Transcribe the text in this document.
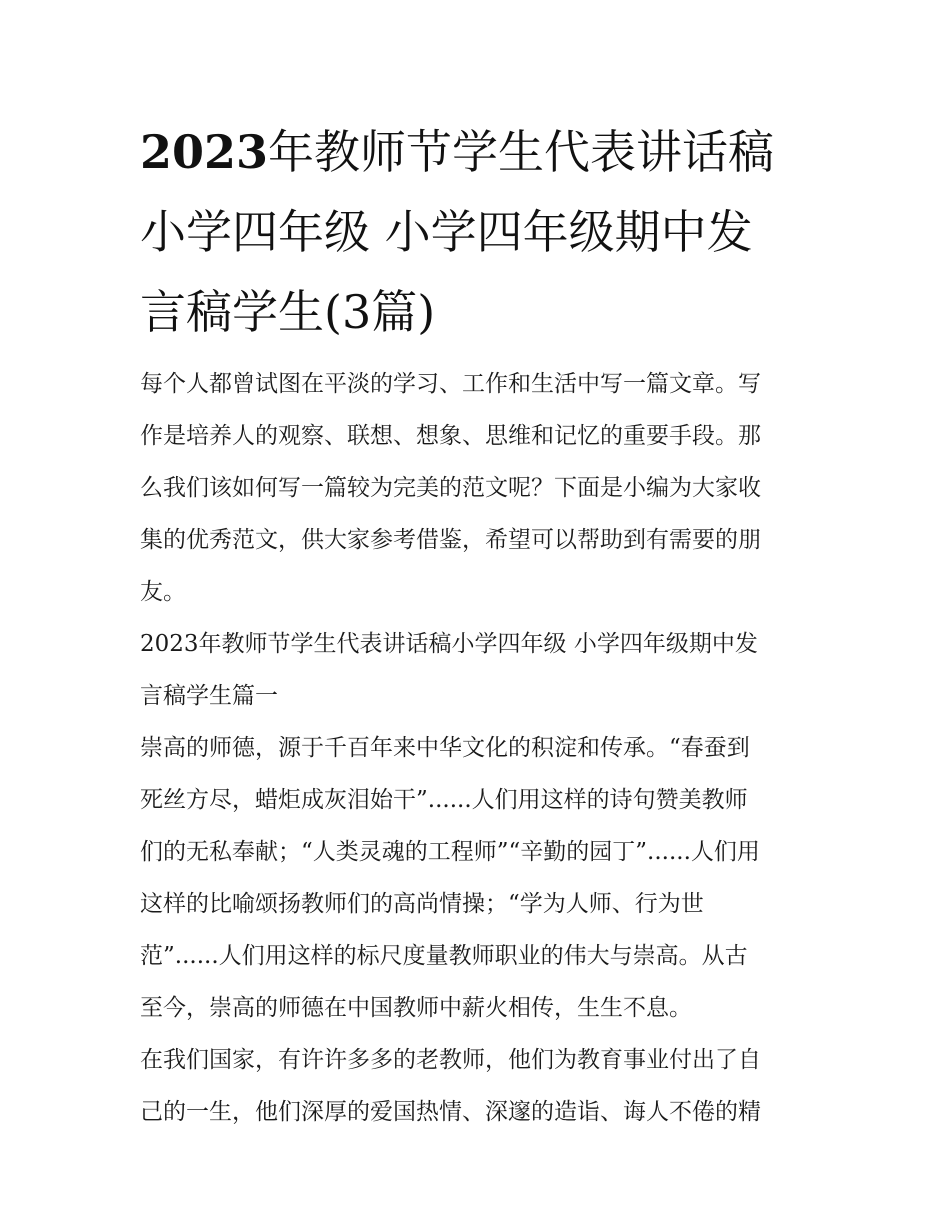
2023年教师节学生代表讲话稿
小学四年级 小学四年级期中发
言稿学生(3篇)
每个人都曾试图在平淡的学习、工作和生活中写一篇文章。写
作是培养人的观察、联想、想象、思维和记忆的重要手段。那
么我们该如何写一篇较为完美的范文呢？下面是小编为大家收
集的优秀范文，供大家参考借鉴，希望可以帮助到有需要的朋
友。
2023年教师节学生代表讲话稿小学四年级 小学四年级期中发
言稿学生篇一
崇高的师德，源于千百年来中华文化的积淀和传承。“春蚕到
死丝方尽，蜡炬成灰泪始干”......人们用这样的诗句赞美教师
们的无私奉献；“人类灵魂的工程师”“辛勤的园丁”......人们用
这样的比喻颂扬教师们的高尚情操；“学为人师、行为世
范”......人们用这样的标尺度量教师职业的伟大与崇高。从古
至今，崇高的师德在中国教师中薪火相传，生生不息。
在我们国家，有许许多多的老教师，他们为教育事业付出了自
己的一生，他们深厚的爱国热情、深邃的造诣、诲人不倦的精
